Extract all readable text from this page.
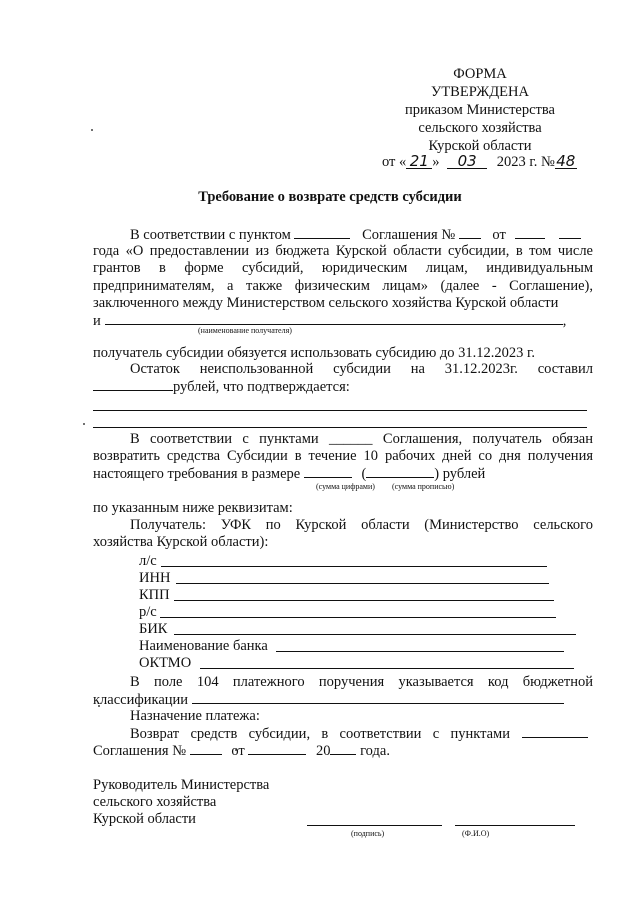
ФОРМА
УТВЕРЖДЕНА
приказом Министерства
сельского хозяйства
Курской области
от « 21 » 03 2023 г. №48
Требование о возврате средств субсидии
В соответствии с пунктом	Соглашения №	от
года «О предоставлении из бюджета Курской области субсидии, в том числе
грантов в форме субсидий, юридическим лицам, индивидуальным
предпринимателям, а также физическим лицам» (далее - Соглашение),
заключенного между Министерством сельского хозяйства Курской области
и	,
(наименование получателя)
получатель субсидии обязуется использовать субсидию до 31.12.2023 г.
Остаток неиспользованной субсидии на 31.12.2023г. составил
рублей, что подтверждается:
В соответствии с пунктами ______ Соглашения, получатель обязан
возвратить средства Субсидии в течение 10 рабочих дней со дня получения
настоящего требования в размере	(	) рублей
(сумма цифрами) (сумма прописью)
по указанным ниже реквизитам:
Получатель: УФК по Курской области (Министерство сельского
хозяйства Курской области):
л/с
ИНН
КПП
р/с
БИК
Наименование банка
ОКТМО
В поле 104 платежного поручения указывается код бюджетной
классификации
Назначение платежа:
Возврат средств субсидии, в соответствии с пунктами
Соглашения №	от	20 года.
Руководитель Министерства
сельского хозяйства
Курской области
(подпись)	(Ф.И.О)
